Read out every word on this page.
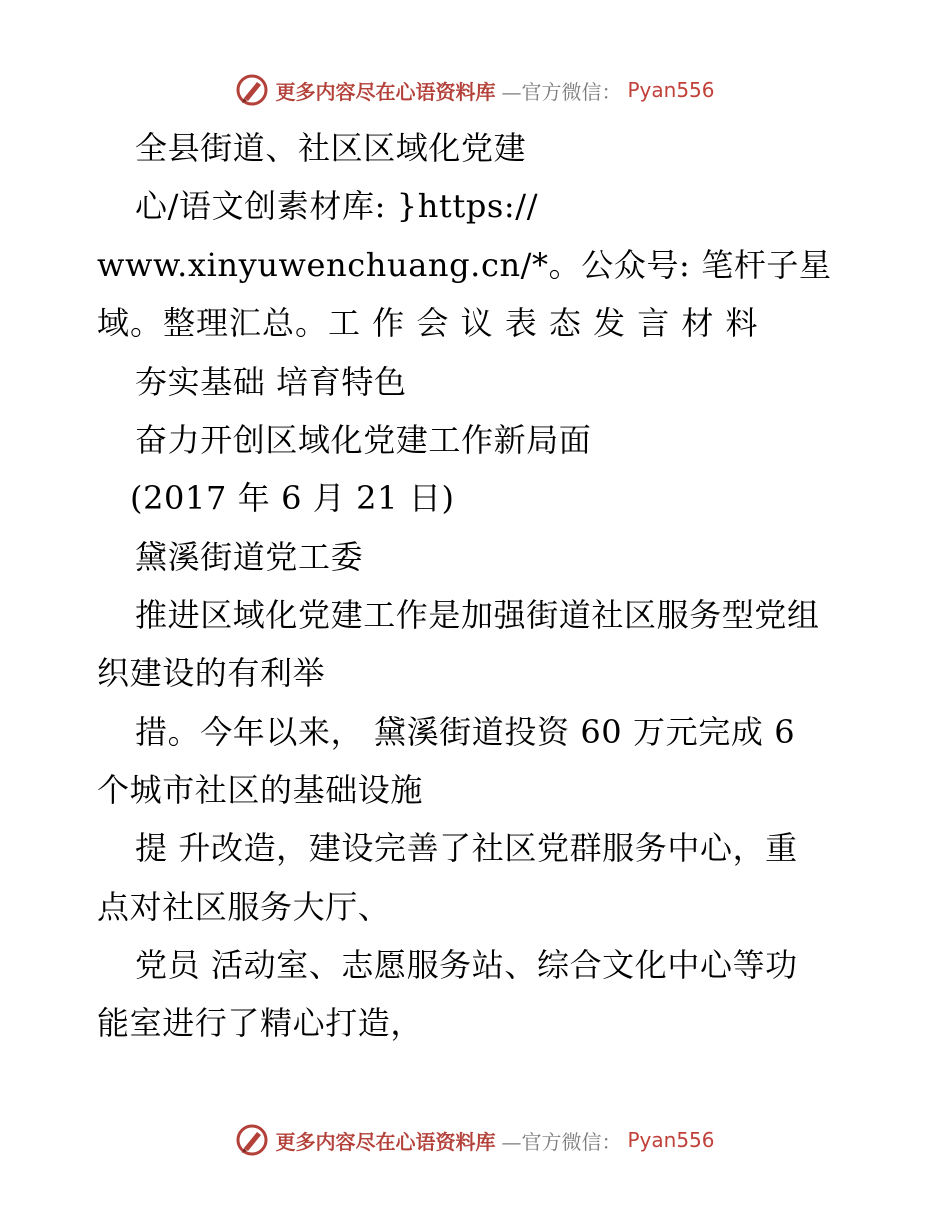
更多内容尽在心语资料库 —官方微信： Pyan556
全县街道、社区区域化党建
心/语文创素材库: }https://
www.xinyuwenchuang.cn/*。公众号: 笔杆子星
域。整理汇总。工 作 会 议 表 态 发 言 材 料
夯实基础 培育特色
奋力开创区域化党建工作新局面
(2017 年 6 月 21 日)
黛溪街道党工委
推进区域化党建工作是加强街道社区服务型党组
织建设的有利举
措。今年以来， 黛溪街道投资 60 万元完成 6
个城市社区的基础设施
提 升改造，建设完善了社区党群服务中心，重
点对社区服务大厅、
党员 活动室、志愿服务站、综合文化中心等功
能室进行了精心打造，
更多内容尽在心语资料库 —官方微信： Pyan556
